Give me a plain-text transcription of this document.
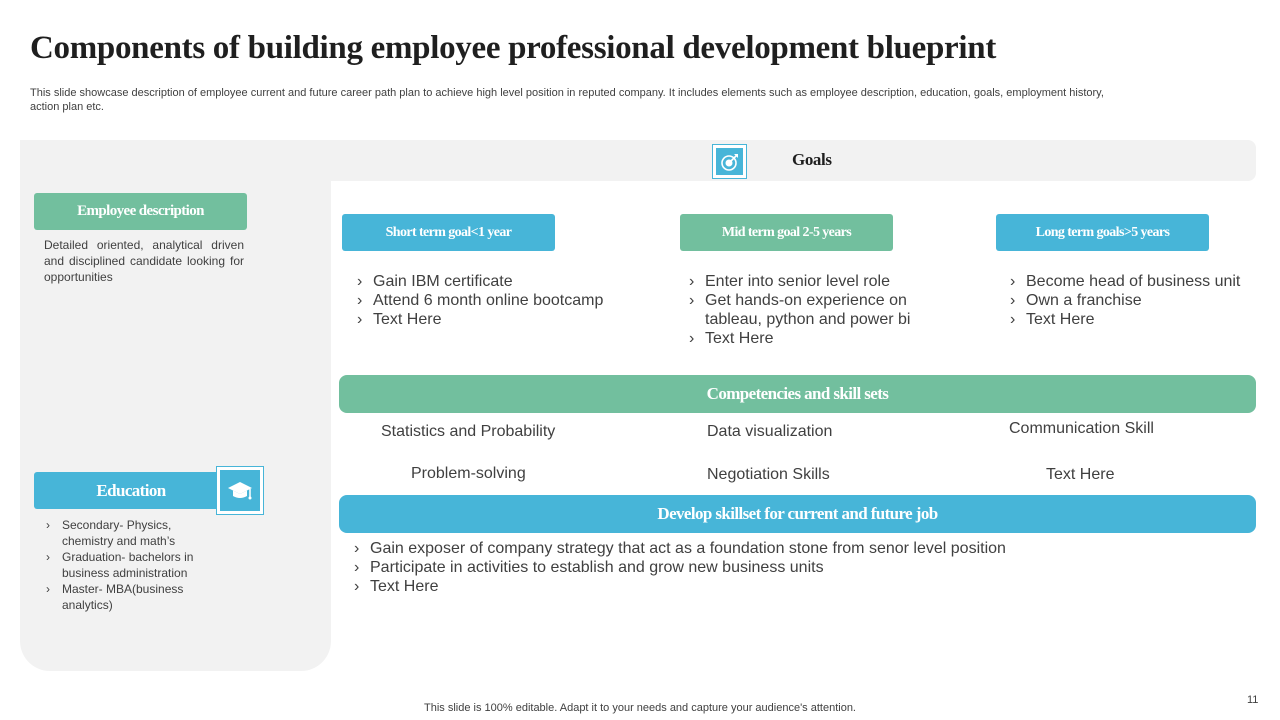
Components of building employee professional development blueprint
This slide showcase description of employee current and future career path plan to achieve high level position in reputed company. It includes elements such as employee description, education, goals, employment history, action plan etc.
Employee description
Detailed oriented, analytical driven and disciplined candidate looking for opportunities
Education
› Secondary- Physics, chemistry and math’s
› Graduation- bachelors in business administration
› Master- MBA(business analytics)
Goals
Short term goal<1 year	Mid term goal 2-5 years	Long term goals>5 years
› Gain IBM certificate
› Attend 6 month online bootcamp
› Text Here
› Enter into senior level role
› Get hands-on experience on tableau, python and power bi
› Text Here
› Become head of business unit
› Own a franchise
› Text Here
Competencies and skill sets
Statistics and Probability	Data visualization	Communication Skill
Problem-solving	Negotiation Skills	Text Here
Develop skillset for current and future job
› Gain exposer of company strategy that act as a foundation stone from senor level position
› Participate in activities to establish and grow new business units
› Text Here
This slide is 100% editable. Adapt it to your needs and capture your audience's attention.
11
